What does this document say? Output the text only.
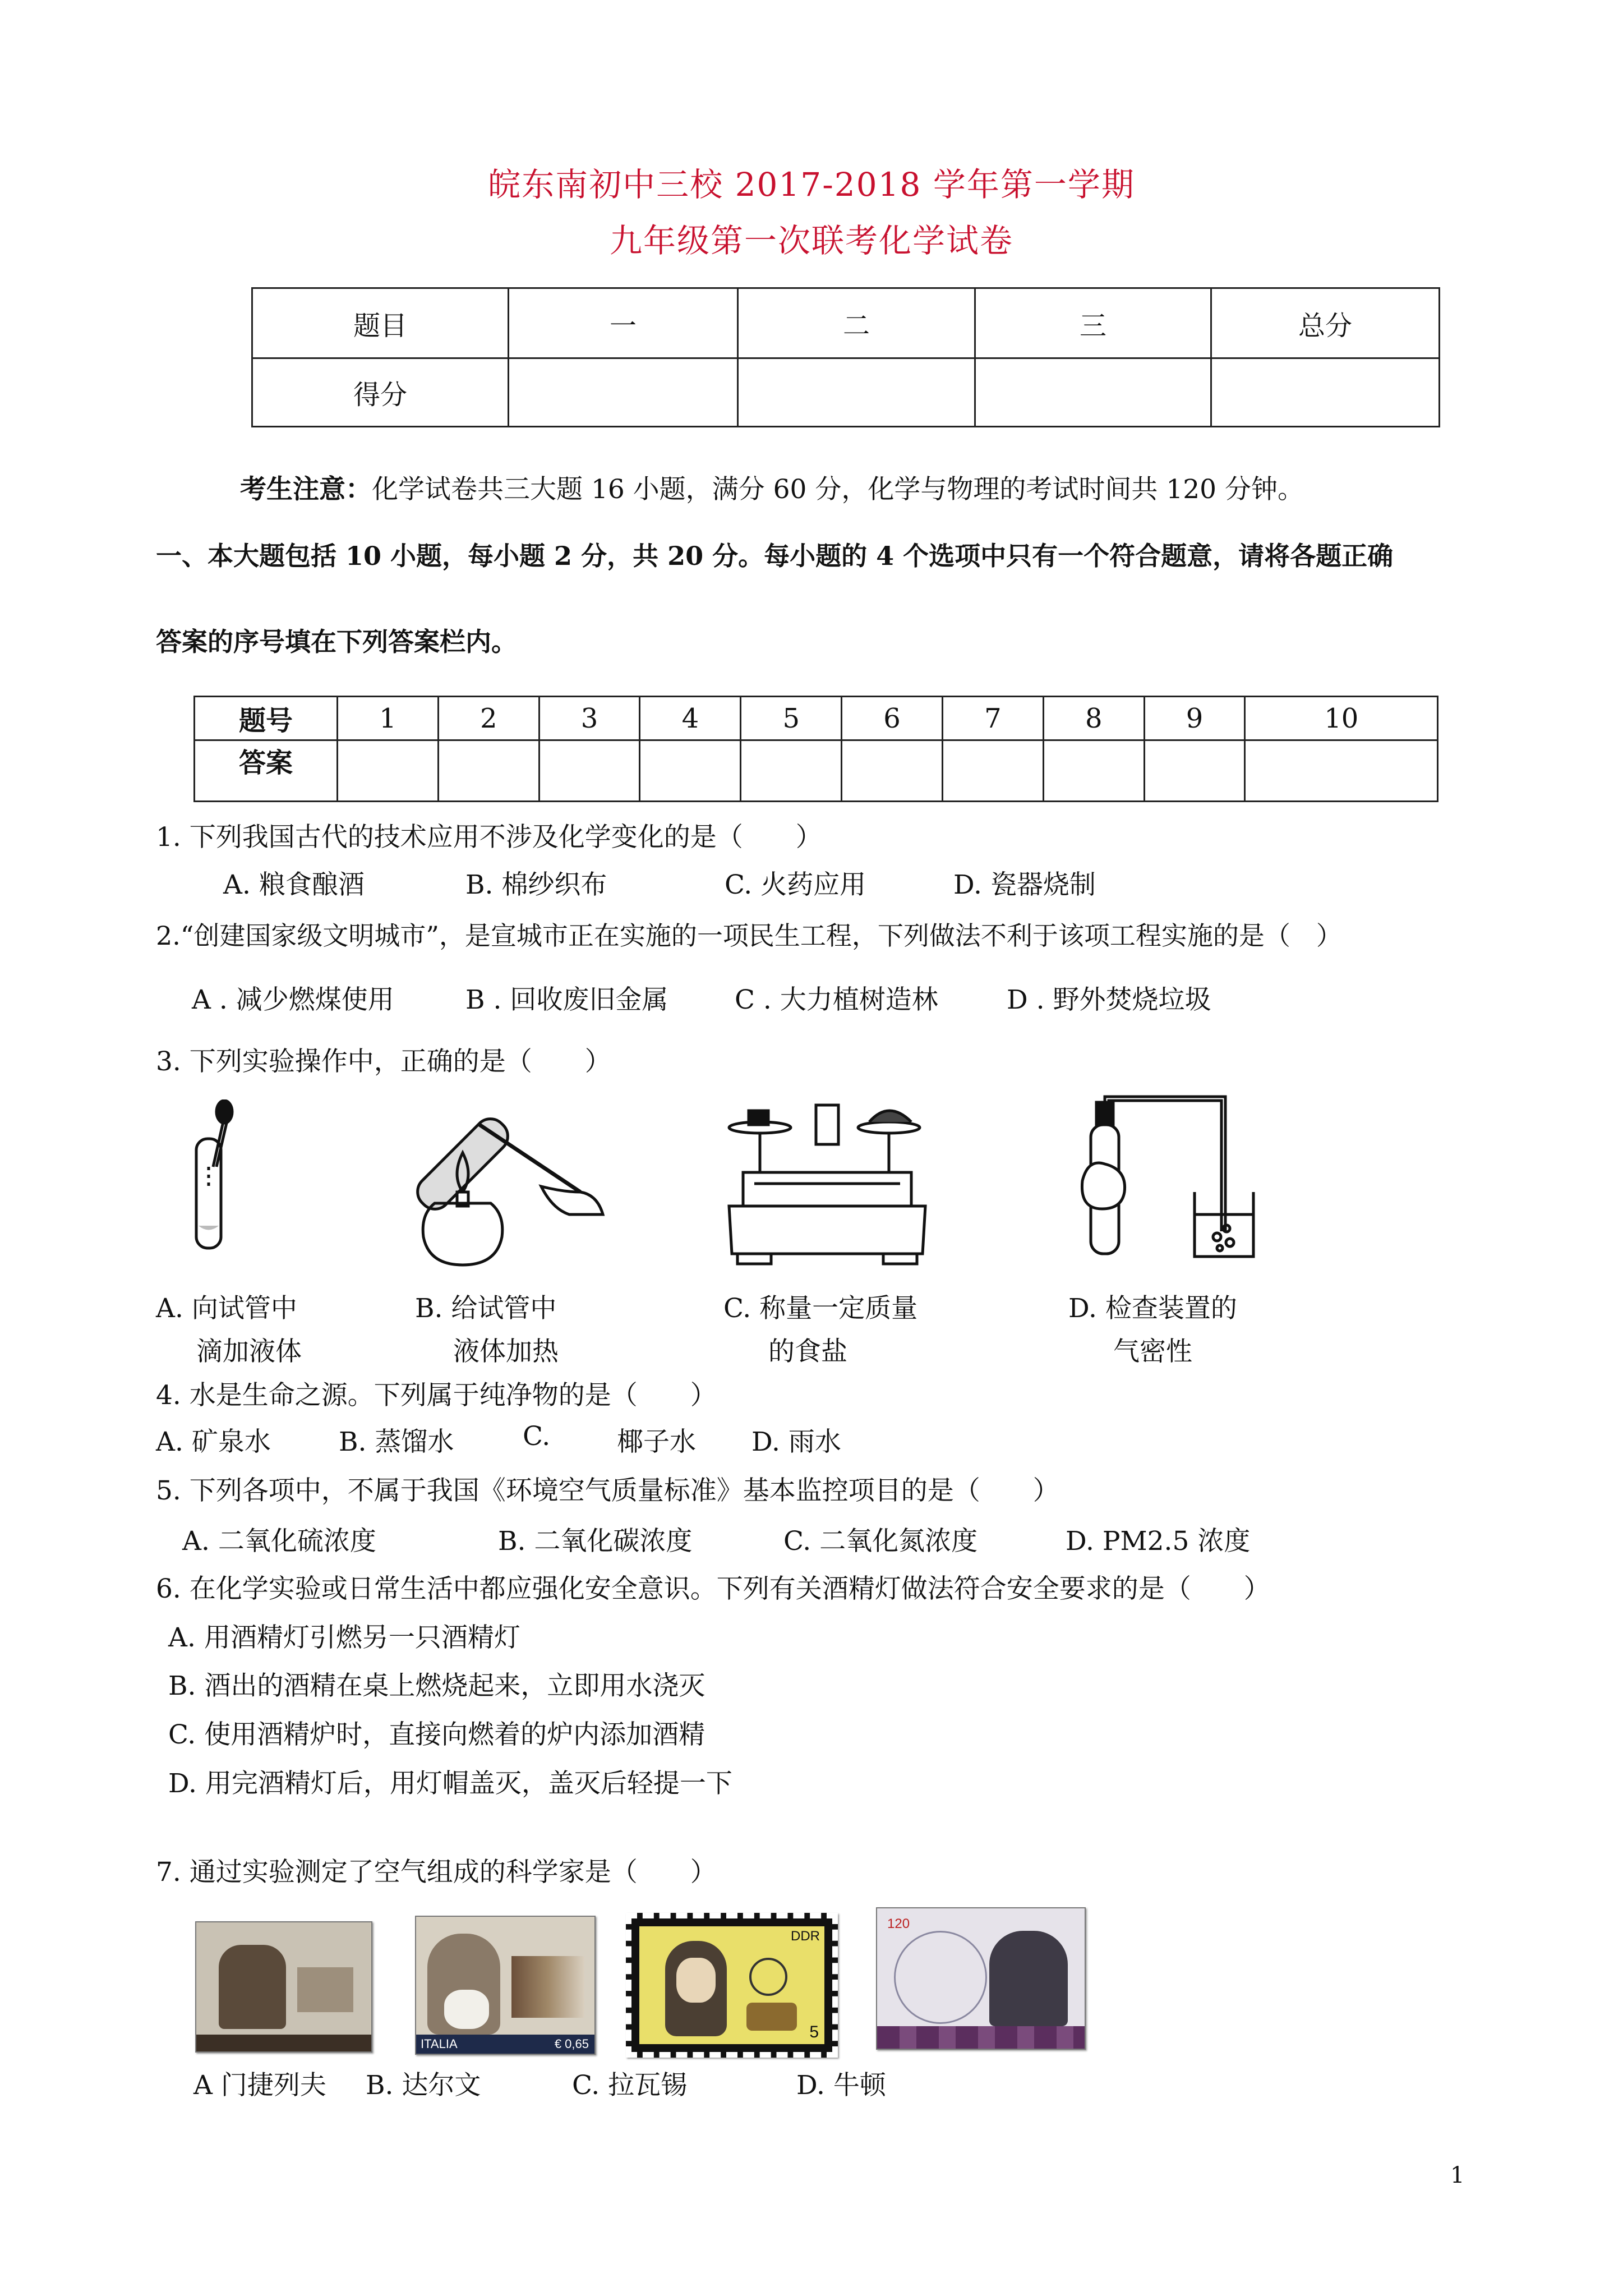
皖东南初中三校 2017-2018 学年第一学期
九年级第一次联考化学试卷
题目	一	二	三	总分
得分				
考生注意：化学试卷共三大题 16 小题，满分 60 分，化学与物理的考试时间共 120 分钟。
一、本大题包括 10 小题，每小题 2 分，共 20 分。每小题的 4 个选项中只有一个符合题意，请将各题正确
答案的序号填在下列答案栏内。
题号	1	2	3	4	5	6	7	8	9	10
答案										
1. 下列我国古代的技术应用不涉及化学变化的是（　　）
A. 粮食酿酒	B. 棉纱织布	C. 火药应用	D. 瓷器烧制
2.“创建国家级文明城市”，是宣城市正在实施的一项民生工程，下列做法不利于该项工程实施的是（　）
A . 减少燃煤使用	B . 回收废旧金属	C . 大力植树造林	D . 野外焚烧垃圾
3. 下列实验操作中，正确的是（　　）
A. 向试管中
滴加液体
B. 给试管中
液体加热
C. 称量一定质量
的食盐
D. 检查装置的
气密性
4. 水是生命之源。下列属于纯净物的是（　　）
A. 矿泉水	B. 蒸馏水	C.	椰子水 D. 雨水
5. 下列各项中，不属于我国《环境空气质量标准》基本监控项目的是（　　）
A. 二氧化硫浓度	B. 二氧化碳浓度	C. 二氧化氮浓度	D. PM2.5 浓度
6. 在化学实验或日常生活中都应强化安全意识。下列有关酒精灯做法符合安全要求的是（　　）
A. 用酒精灯引燃另一只酒精灯
B. 酒出的酒精在桌上燃烧起来，立即用水浇灭
C. 使用酒精炉时，直接向燃着的炉内添加酒精
D. 用完酒精灯后，用灯帽盖灭，盖灭后轻提一下
7. 通过实验测定了空气组成的科学家是（　　）
ITALIA	€ 0,65
DDR
5
120
A 门捷列夫 B. 达尔文	C. 拉瓦锡	D. 牛顿
1
